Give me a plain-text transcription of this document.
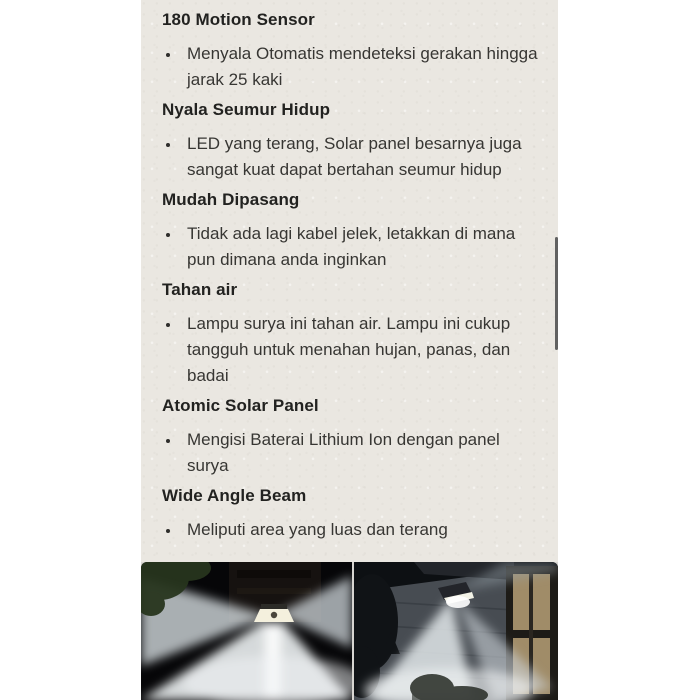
180 Motion Sensor
• Menyala Otomatis mendeteksi gerakan hingga jarak 25 kaki
Nyala Seumur Hidup
• LED yang terang, Solar panel besarnya juga sangat kuat dapat bertahan seumur hidup
Mudah Dipasang
• Tidak ada lagi kabel jelek, letakkan di mana pun dimana anda inginkan
Tahan air
• Lampu surya ini tahan air. Lampu ini cukup tangguh untuk menahan hujan, panas, dan badai
Atomic Solar Panel
• Mengisi Baterai Lithium Ion dengan panel surya
Wide Angle Beam
• Meliputi area yang luas dan terang
